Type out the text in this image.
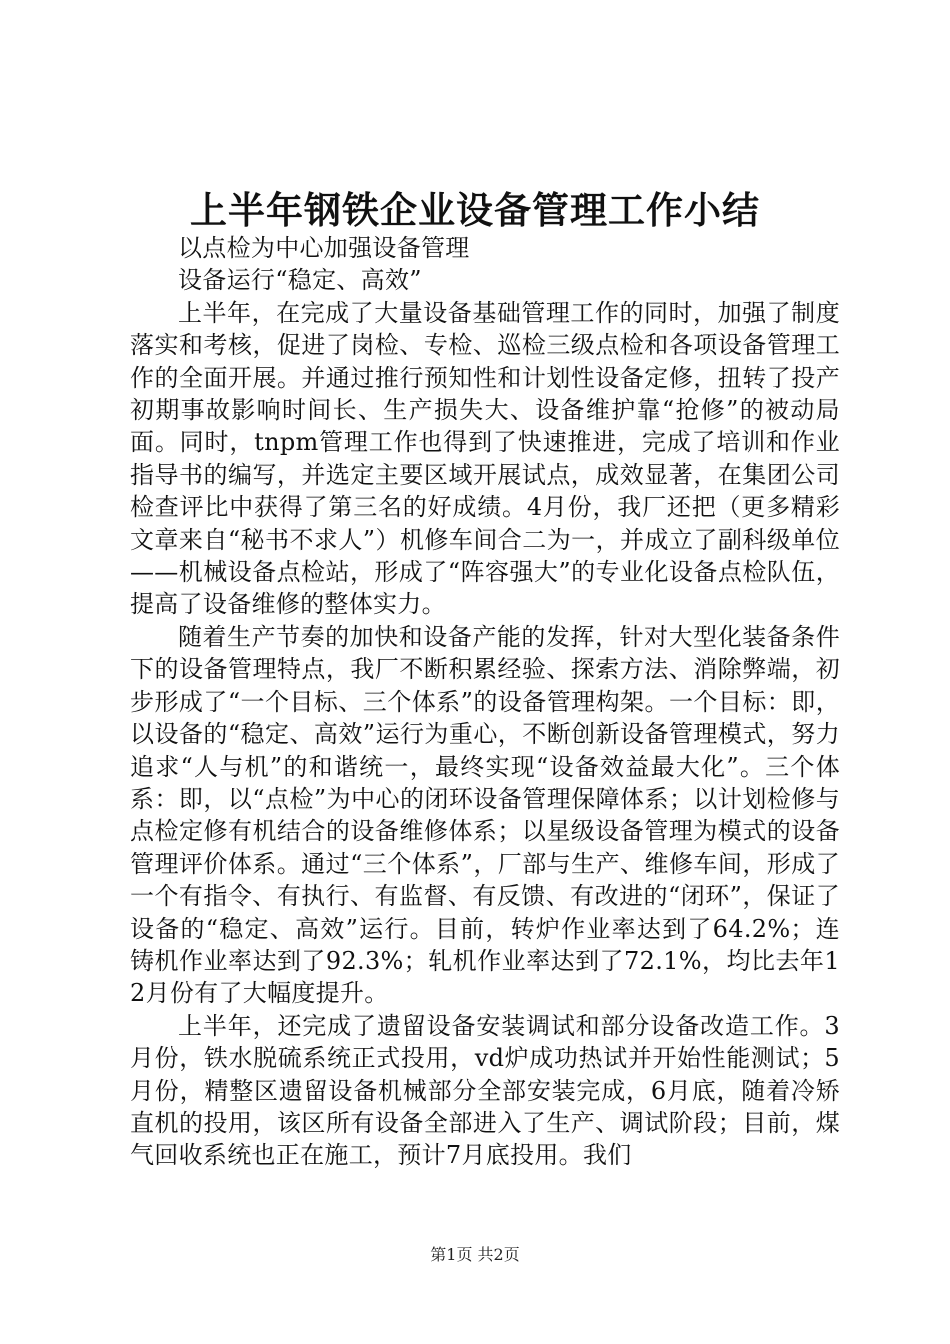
上半年钢铁企业设备管理工作小结

以点检为中心加强设备管理

设备运行“稳定、高效”

上半年，在完成了大量设备基础管理工作的同时，加强了制度落实和考核，促进了岗检、专检、巡检三级点检和各项设备管理工作的全面开展。并通过推行预知性和计划性设备定修，扭转了投产初期事故影响时间长、生产损失大、设备维护靠“抢修”的被动局面。同时，tnpm管理工作也得到了快速推进，完成了培训和作业指导书的编写，并选定主要区域开展试点，成效显著，在集团公司检查评比中获得了第三名的好成绩。4月份，我厂还把（更多精彩文章来自“秘书不求人”）机修车间合二为一，并成立了副科级单位——机械设备点检站，形成了“阵容强大”的专业化设备点检队伍，提高了设备维修的整体实力。

随着生产节奏的加快和设备产能的发挥，针对大型化装备条件下的设备管理特点，我厂不断积累经验、探索方法、消除弊端，初步形成了“一个目标、三个体系”的设备管理构架。一个目标：即，以设备的“稳定、高效”运行为重心，不断创新设备管理模式，努力追求“人与机”的和谐统一，最终实现“设备效益最大化”。三个体系：即，以“点检”为中心的闭环设备管理保障体系；以计划检修与点检定修有机结合的设备维修体系；以星级设备管理为模式的设备管理评价体系。通过“三个体系”，厂部与生产、维修车间，形成了一个有指令、有执行、有监督、有反馈、有改进的“闭环”，保证了设备的“稳定、高效”运行。目前，转炉作业率达到了64.2%；连铸机作业率达到了92.3%；轧机作业率达到了72.1%，均比去年12月份有了大幅度提升。

上半年，还完成了遗留设备安装调试和部分设备改造工作。3月份，铁水脱硫系统正式投用，vd炉成功热试并开始性能测试；5月份，精整区遗留设备机械部分全部安装完成，6月底，随着冷矫直机的投用，该区所有设备全部进入了生产、调试阶段；目前，煤气回收系统也正在施工，预计7月底投用。我们

第1页 共2页
